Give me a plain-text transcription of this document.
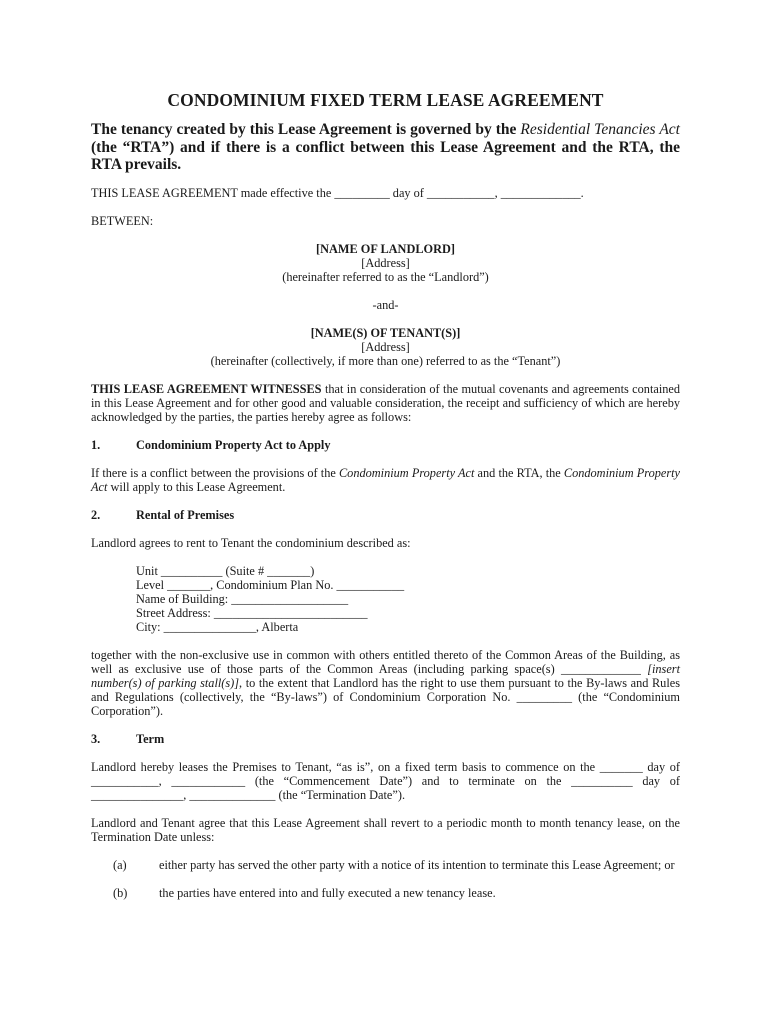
CONDOMINIUM FIXED TERM LEASE AGREEMENT
The tenancy created by this Lease Agreement is governed by the Residential Tenancies Act (the “RTA”) and if there is a conflict between this Lease Agreement and the RTA, the RTA prevails.

THIS LEASE AGREEMENT made effective the _________ day of ___________, _____________.

BETWEEN:

[NAME OF LANDLORD]

[Address]

(hereinafter referred to as the “Landlord”)

-and-

[NAME(S) OF TENANT(S)]

[Address]

(hereinafter (collectively, if more than one) referred to as the “Tenant”)

THIS LEASE AGREEMENT WITNESSES that in consideration of the mutual covenants and agreements contained in this Lease Agreement and for other good and valuable consideration, the receipt and sufficiency of which are hereby acknowledged by the parties, the parties hereby agree as follows:

1.	Condominium Property Act to Apply

If there is a conflict between the provisions of the Condominium Property Act and the RTA, the Condominium Property Act will apply to this Lease Agreement.

2.	Rental of Premises

Landlord agrees to rent to Tenant the condominium described as:

Unit __________ (Suite # _______)

Level _______, Condominium Plan No. ___________

Name of Building: ___________________

Street Address: _________________________

City: _______________, Alberta

together with the non-exclusive use in common with others entitled thereto of the Common Areas of the Building, as well as exclusive use of those parts of the Common Areas (including parking space(s) _____________ [insert number(s) of parking stall(s)], to the extent that Landlord has the right to use them pursuant to the By-laws and Rules and Regulations (collectively, the “By-laws”) of Condominium Corporation No. _________ (the “Condominium Corporation”).

3.	Term

Landlord hereby leases the Premises to Tenant, “as is”, on a fixed term basis to commence on the _______ day of ___________, ____________ (the “Commencement Date”) and to terminate on the __________ day of _______________, ______________ (the “Termination Date”).

Landlord and Tenant agree that this Lease Agreement shall revert to a periodic month to month tenancy lease, on the Termination Date unless:

(a)	either party has served the other party with a notice of its intention to terminate this Lease Agreement; or
(b)	the parties have entered into and fully executed a new tenancy lease.
